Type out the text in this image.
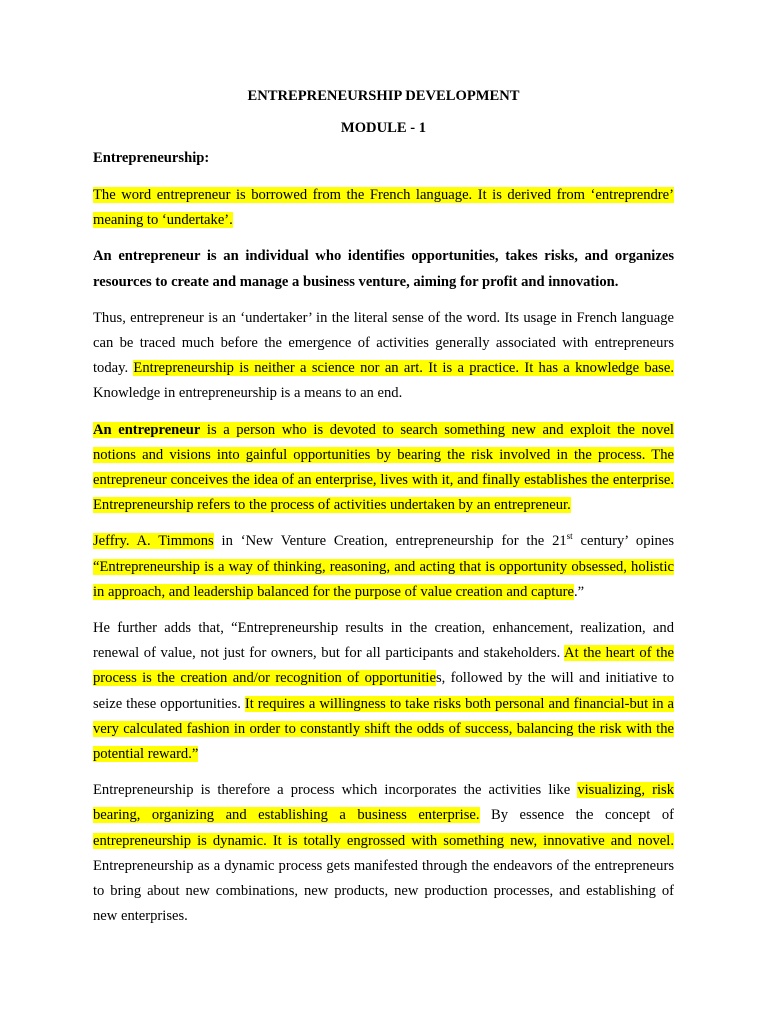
ENTREPRENEURSHIP DEVELOPMENT

MODULE - 1

Entrepreneurship:

The word entrepreneur is borrowed from the French language. It is derived from ‘entreprendre’ meaning to ‘undertake’.

An entrepreneur is an individual who identifies opportunities, takes risks, and organizes resources to create and manage a business venture, aiming for profit and innovation.

Thus, entrepreneur is an ‘undertaker’ in the literal sense of the word. Its usage in French language can be traced much before the emergence of activities generally associated with entrepreneurs today. Entrepreneurship is neither a science nor an art. It is a practice. It has a knowledge base. Knowledge in entrepreneurship is a means to an end.

An entrepreneur is a person who is devoted to search something new and exploit the novel notions and visions into gainful opportunities by bearing the risk involved in the process. The entrepreneur conceives the idea of an enterprise, lives with it, and finally establishes the enterprise. Entrepreneurship refers to the process of activities undertaken by an entrepreneur.

Jeffry. A. Timmons in ‘New Venture Creation, entrepreneurship for the 21st century’ opines “Entrepreneurship is a way of thinking, reasoning, and acting that is opportunity obsessed, holistic in approach, and leadership balanced for the purpose of value creation and capture.”

He further adds that, “Entrepreneurship results in the creation, enhancement, realization, and renewal of value, not just for owners, but for all participants and stakeholders. At the heart of the process is the creation and/or recognition of opportunities, followed by the will and initiative to seize these opportunities. It requires a willingness to take risks both personal and financial-but in a very calculated fashion in order to constantly shift the odds of success, balancing the risk with the potential reward.”

Entrepreneurship is therefore a process which incorporates the activities like visualizing, risk bearing, organizing and establishing a business enterprise. By essence the concept of entrepreneurship is dynamic. It is totally engrossed with something new, innovative and novel. Entrepreneurship as a dynamic process gets manifested through the endeavors of the entrepreneurs to bring about new combinations, new products, new production processes, and establishing of new enterprises.
